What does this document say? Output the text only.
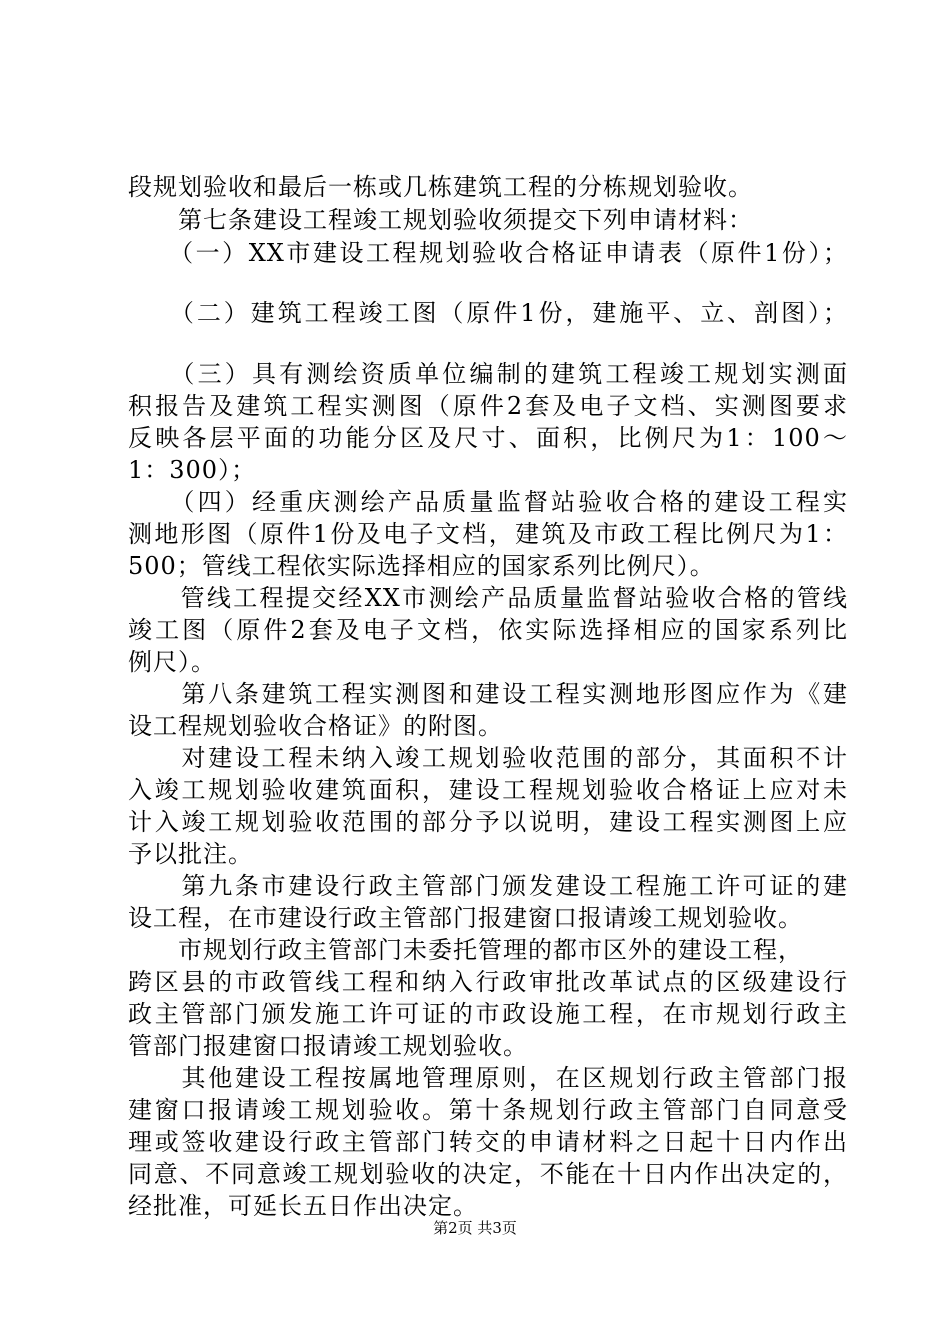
段规划验收和最后一栋或几栋建筑工程的分栋规划验收。
　　第七条建设工程竣工规划验收须提交下列申请材料：
　　（一）XX市建设工程规划验收合格证申请表（原件1份）；
　　（二）建筑工程竣工图（原件1份，建施平、立、剖图）；
　　（三）具有测绘资质单位编制的建筑工程竣工规划实测面
积报告及建筑工程实测图（原件2套及电子文档、实测图要求
反映各层平面的功能分区及尺寸、面积，比例尺为1：100～
1：300）；
　　（四）经重庆测绘产品质量监督站验收合格的建设工程实
测地形图（原件1份及电子文档，建筑及市政工程比例尺为1：
500；管线工程依实际选择相应的国家系列比例尺）。
　　管线工程提交经XX市测绘产品质量监督站验收合格的管线
竣工图（原件2套及电子文档，依实际选择相应的国家系列比
例尺）。
　　第八条建筑工程实测图和建设工程实测地形图应作为《建
设工程规划验收合格证》的附图。
　　对建设工程未纳入竣工规划验收范围的部分，其面积不计
入竣工规划验收建筑面积，建设工程规划验收合格证上应对未
计入竣工规划验收范围的部分予以说明，建设工程实测图上应
予以批注。
　　第九条市建设行政主管部门颁发建设工程施工许可证的建
设工程，在市建设行政主管部门报建窗口报请竣工规划验收。
　　市规划行政主管部门未委托管理的都市区外的建设工程，
跨区县的市政管线工程和纳入行政审批改革试点的区级建设行
政主管部门颁发施工许可证的市政设施工程，在市规划行政主
管部门报建窗口报请竣工规划验收。
　　其他建设工程按属地管理原则，在区规划行政主管部门报
建窗口报请竣工规划验收。第十条规划行政主管部门自同意受
理或签收建设行政主管部门转交的申请材料之日起十日内作出
同意、不同意竣工规划验收的决定，不能在十日内作出决定的，
第2页 共3页
经批准，可延长五日作出决定。
